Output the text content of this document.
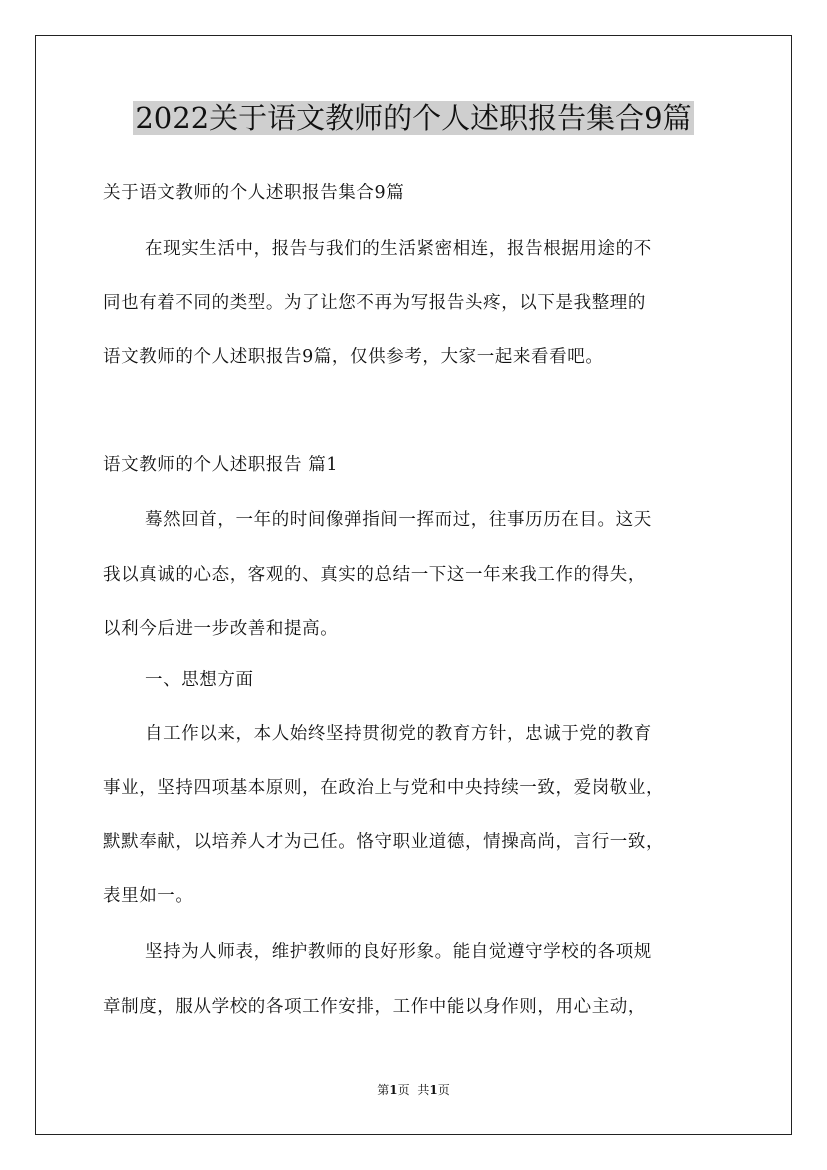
2022关于语文教师的个人述职报告集合9篇
关于语文教师的个人述职报告集合9篇
在现实生活中，报告与我们的生活紧密相连，报告根据用途的不
同也有着不同的类型。为了让您不再为写报告头疼，以下是我整理的
语文教师的个人述职报告9篇，仅供参考，大家一起来看看吧。
语文教师的个人述职报告 篇1
蓦然回首，一年的时间像弹指间一挥而过，往事历历在目。这天
我以真诚的心态，客观的、真实的总结一下这一年来我工作的得失，
以利今后进一步改善和提高。
一、思想方面
自工作以来，本人始终坚持贯彻党的教育方针，忠诚于党的教育
事业，坚持四项基本原则，在政治上与党和中央持续一致，爱岗敬业，
默默奉献，以培养人才为己任。恪守职业道德，情操高尚，言行一致，
表里如一。
坚持为人师表，维护教师的良好形象。能自觉遵守学校的各项规
章制度，服从学校的各项工作安排，工作中能以身作则，用心主动，
第1页 共1页
